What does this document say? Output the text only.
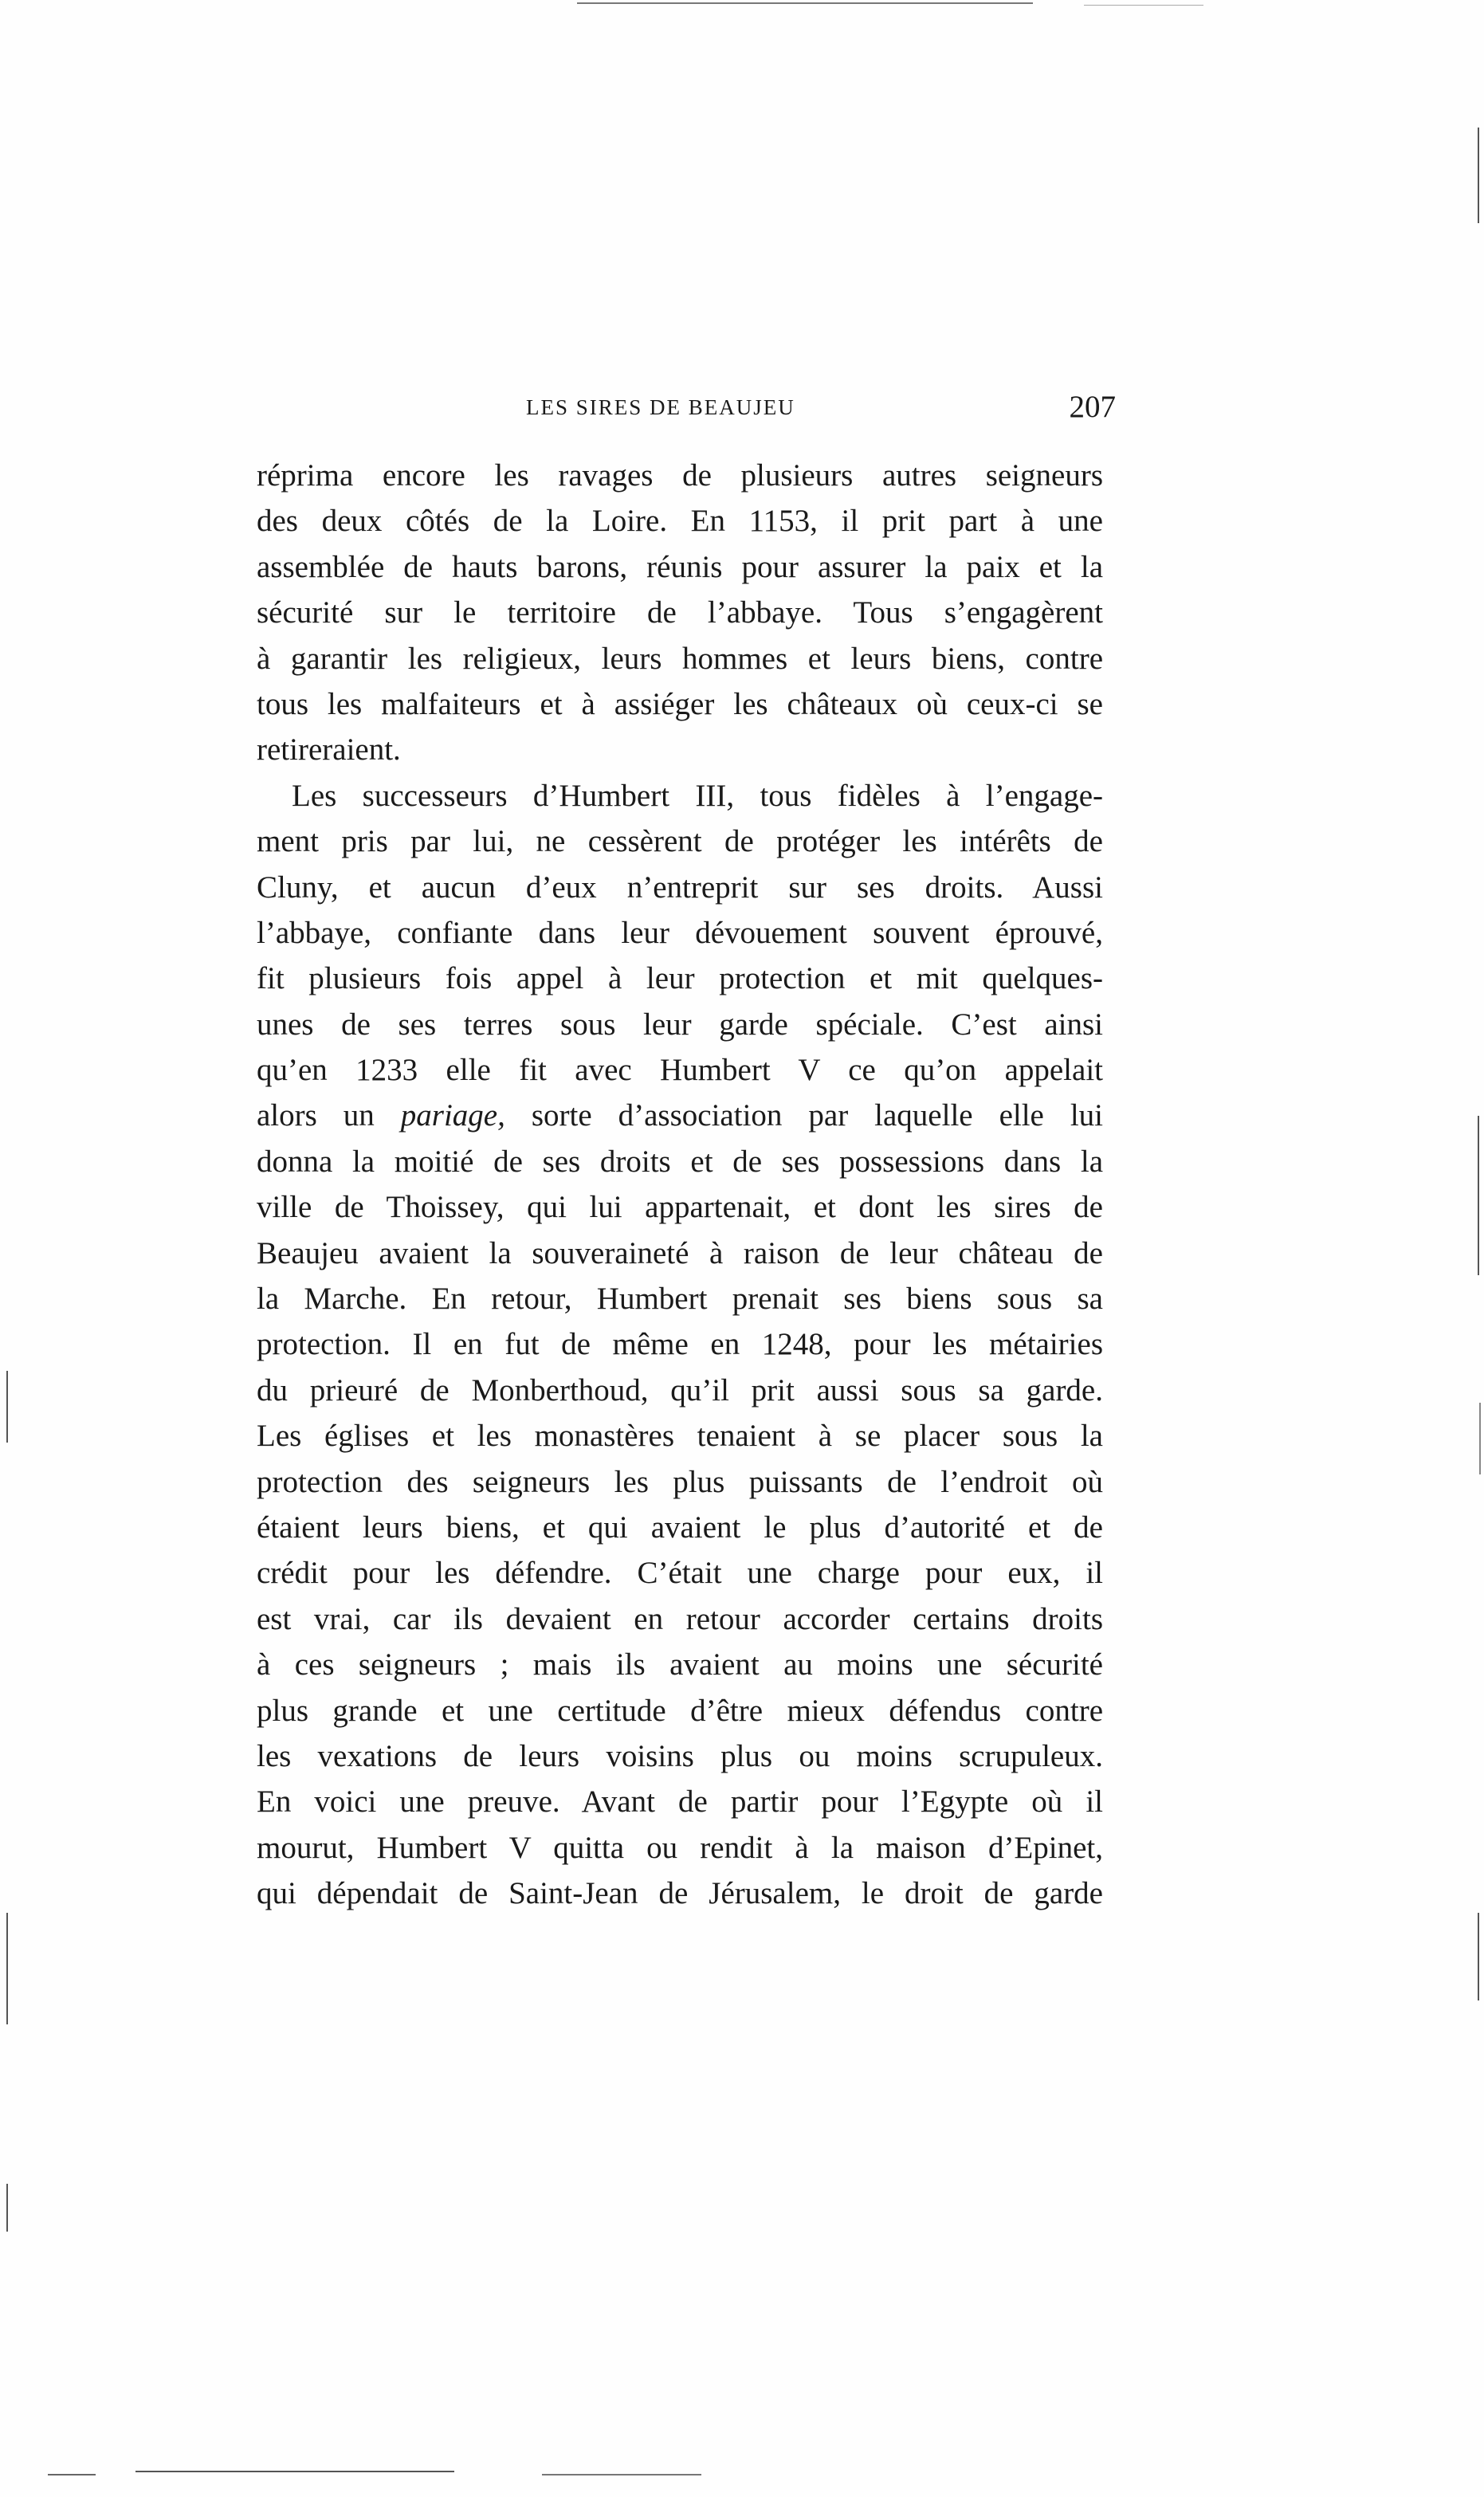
LES SIRES DE BEAUJEU	207
réprima encore les ravages de plusieurs autres seigneurs
des deux côtés de la Loire. En 1153, il prit part à une
assemblée de hauts barons, réunis pour assurer la paix et la
sécurité sur le territoire de l’abbaye. Tous s’engagèrent
à garantir les religieux, leurs hommes et leurs biens, contre
tous les malfaiteurs et à assiéger les châteaux où ceux-ci se
retireraient.
Les successeurs d’Humbert III, tous fidèles à l’engage-
ment pris par lui, ne cessèrent de protéger les intérêts de
Cluny, et aucun d’eux n’entreprit sur ses droits. Aussi
l’abbaye, confiante dans leur dévouement souvent éprouvé,
fit plusieurs fois appel à leur protection et mit quelques-
unes de ses terres sous leur garde spéciale. C’est ainsi
qu’en 1233 elle fit avec Humbert V ce qu’on appelait
alors un pariage, sorte d’association par laquelle elle lui
donna la moitié de ses droits et de ses possessions dans la
ville de Thoissey, qui lui appartenait, et dont les sires de
Beaujeu avaient la souveraineté à raison de leur château de
la Marche. En retour, Humbert prenait ses biens sous sa
protection. Il en fut de même en 1248, pour les métairies
du prieuré de Monberthoud, qu’il prit aussi sous sa garde.
Les églises et les monastères tenaient à se placer sous la
protection des seigneurs les plus puissants de l’endroit où
étaient leurs biens, et qui avaient le plus d’autorité et de
crédit pour les défendre. C’était une charge pour eux, il
est vrai, car ils devaient en retour accorder certains droits
à ces seigneurs ; mais ils avaient au moins une sécurité
plus grande et une certitude d’être mieux défendus contre
les vexations de leurs voisins plus ou moins scrupuleux.
En voici une preuve. Avant de partir pour l’Egypte où il
mourut, Humbert V quitta ou rendit à la maison d’Epinet,
qui dépendait de Saint-Jean de Jérusalem, le droit de garde
